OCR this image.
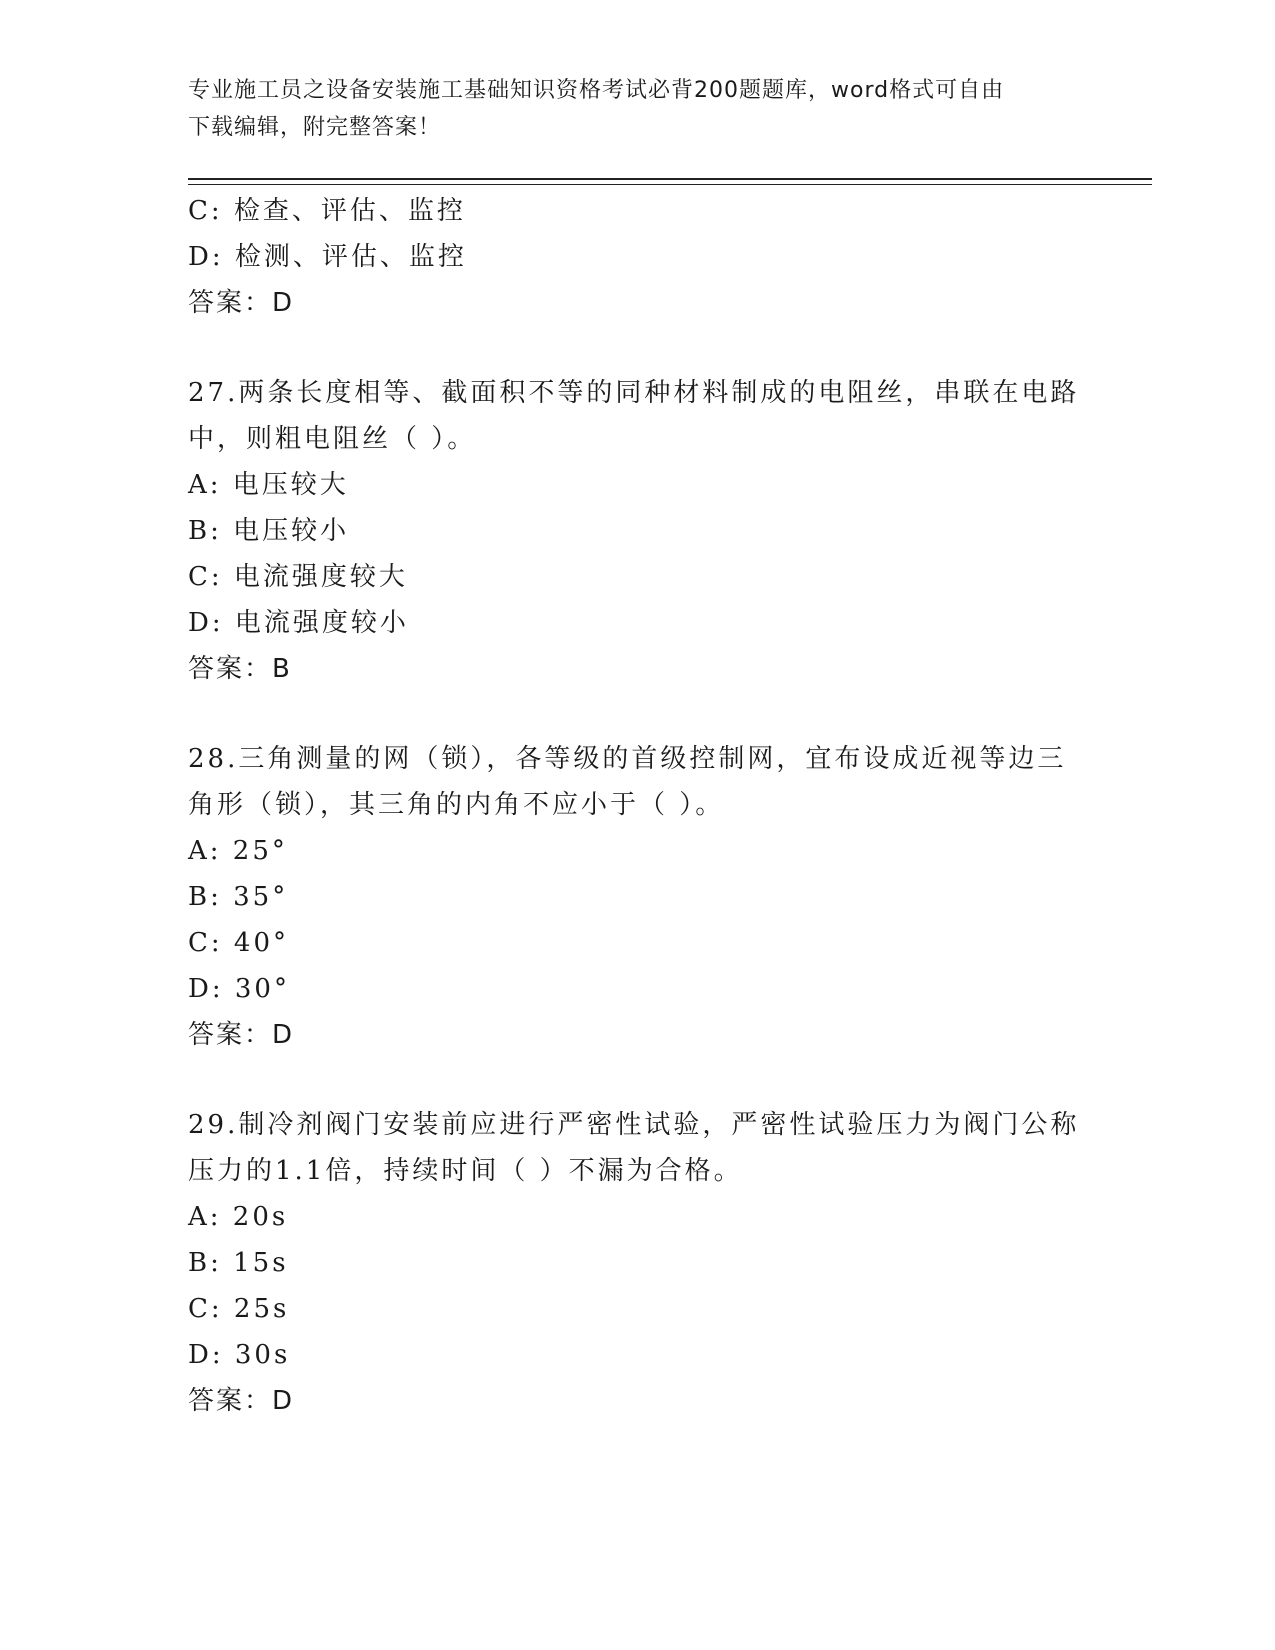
专业施工员之设备安装施工基础知识资格考试必背200题题库，word格式可自由
下载编辑，附完整答案！
C: 检查、评估、监控
D: 检测、评估、监控
答案：D
27.两条长度相等、截面积不等的同种材料制成的电阻丝，串联在电路
中，则粗电阻丝（ ）。
A: 电压较大
B: 电压较小
C: 电流强度较大
D: 电流强度较小
答案：B
28.三角测量的网（锁），各等级的首级控制网，宜布设成近视等边三
角形（锁），其三角的内角不应小于（ ）。
A: 25°
B: 35°
C: 40°
D: 30°
答案：D
29.制冷剂阀门安装前应进行严密性试验，严密性试验压力为阀门公称
压力的1.1倍，持续时间（ ）不漏为合格。
A: 20s
B: 15s
C: 25s
D: 30s
答案：D
